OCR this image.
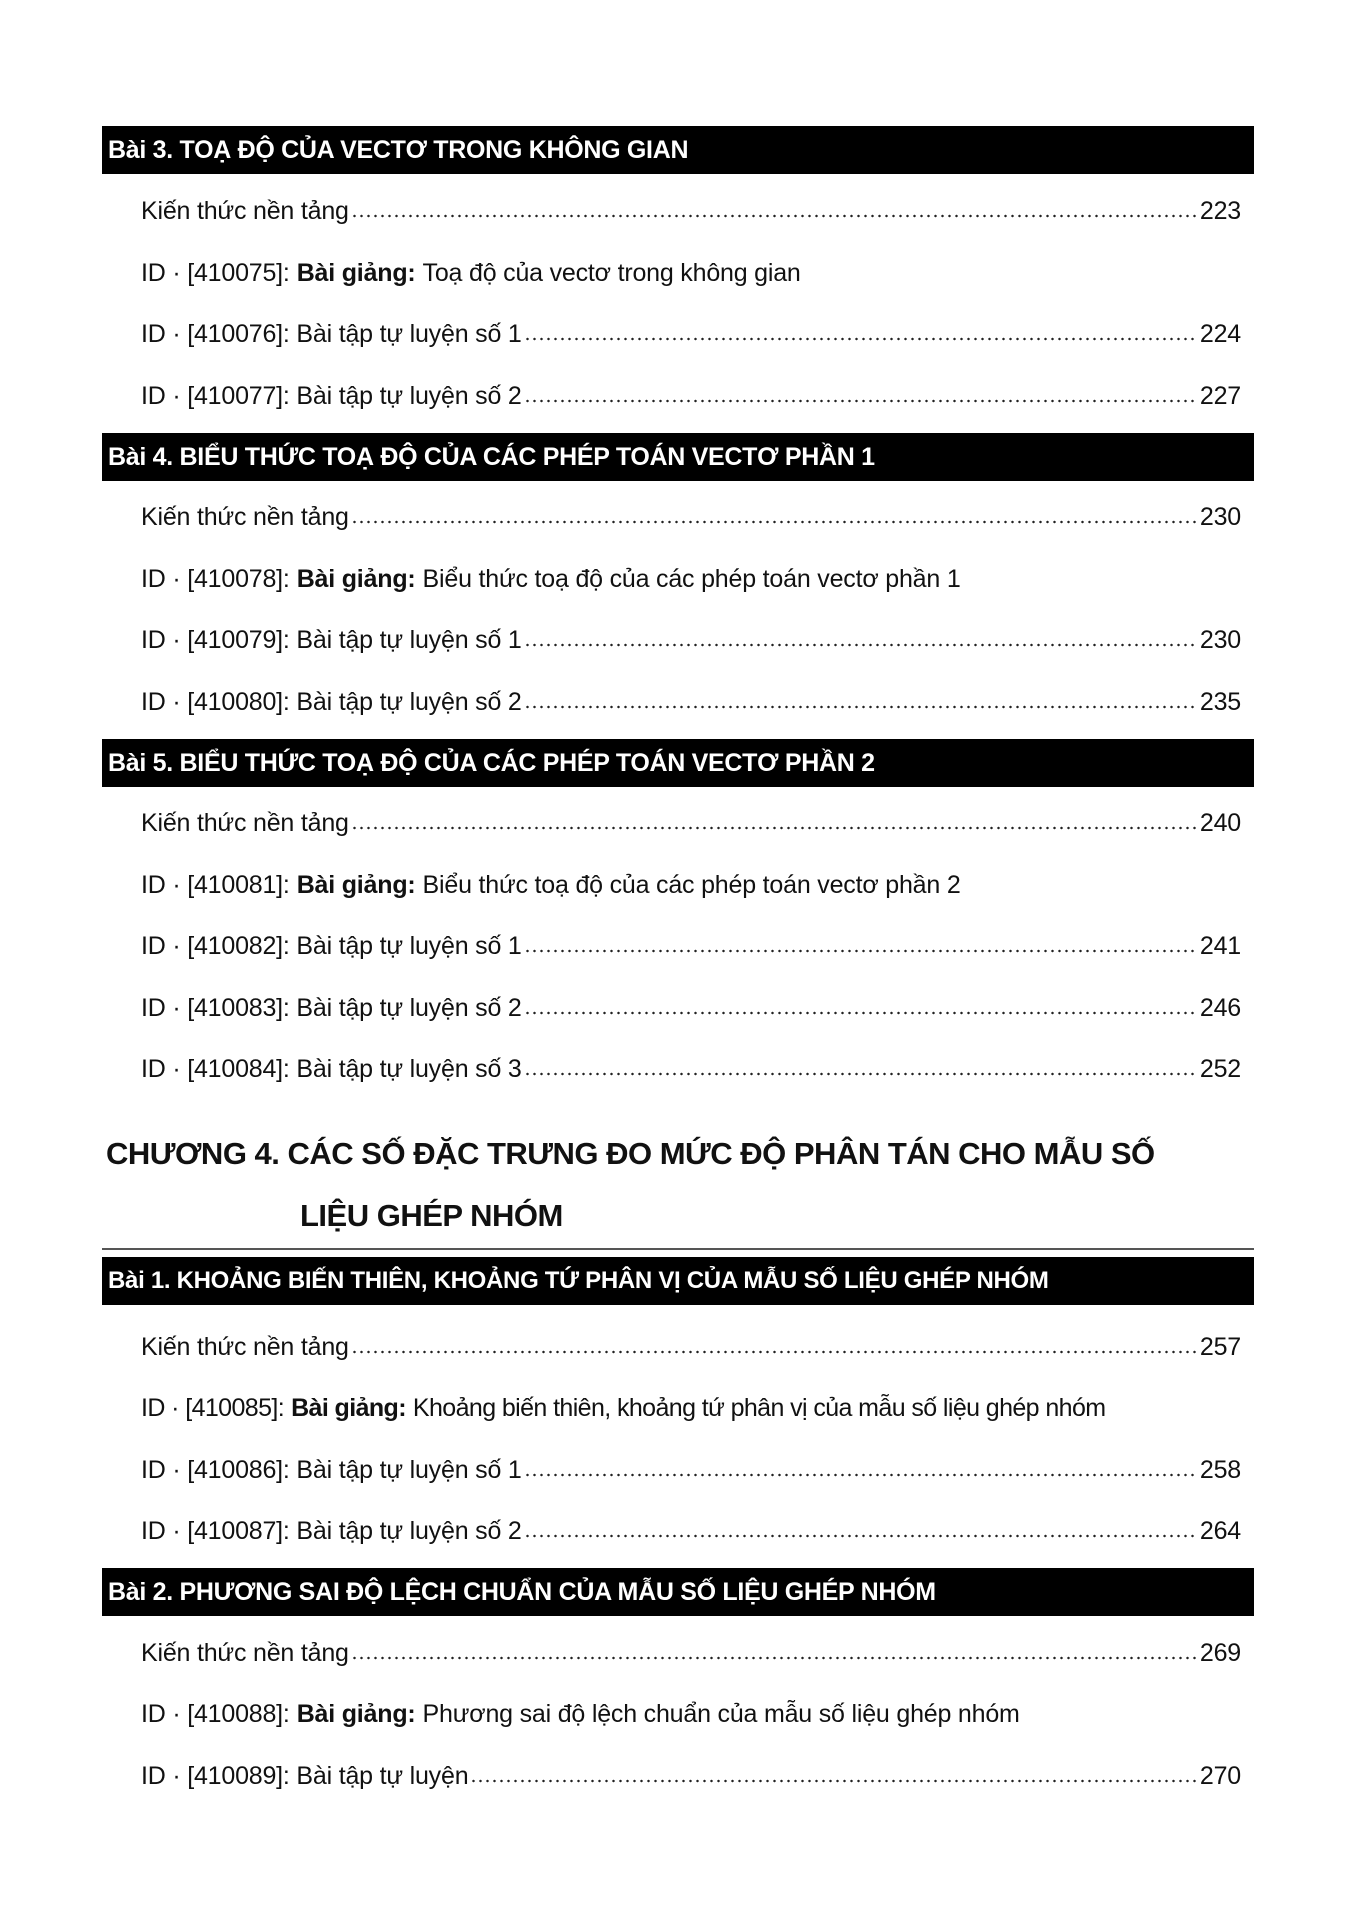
Bài 3. TOẠ ĐỘ CỦA VECTƠ TRONG KHÔNG GIAN
Kiến thức nền tảng	223
ID · [410075]: Bài giảng: Toạ độ của vectơ trong không gian
ID · [410076]: Bài tập tự luyện số 1	224
ID · [410077]: Bài tập tự luyện số 2	227
Bài 4. BIỂU THỨC TOẠ ĐỘ CỦA CÁC PHÉP TOÁN VECTƠ PHẦN 1
Kiến thức nền tảng	230
ID · [410078]: Bài giảng: Biểu thức toạ độ của các phép toán vectơ phần 1
ID · [410079]: Bài tập tự luyện số 1	230
ID · [410080]: Bài tập tự luyện số 2	235
Bài 5. BIỂU THỨC TOẠ ĐỘ CỦA CÁC PHÉP TOÁN VECTƠ PHẦN 2
Kiến thức nền tảng	240
ID · [410081]: Bài giảng: Biểu thức toạ độ của các phép toán vectơ phần 2
ID · [410082]: Bài tập tự luyện số 1	241
ID · [410083]: Bài tập tự luyện số 2	246
ID · [410084]: Bài tập tự luyện số 3	252
CHƯƠNG 4. CÁC SỐ ĐẶC TRƯNG ĐO MỨC ĐỘ PHÂN TÁN CHO MẪU SỐ
LIỆU GHÉP NHÓM
Bài 1. KHOẢNG BIẾN THIÊN, KHOẢNG TỨ PHÂN VỊ CỦA MẪU SỐ LIỆU GHÉP NHÓM
Kiến thức nền tảng	257
ID · [410085]: Bài giảng: Khoảng biến thiên, khoảng tứ phân vị của mẫu số liệu ghép nhóm
ID · [410086]: Bài tập tự luyện số 1	258
ID · [410087]: Bài tập tự luyện số 2	264
Bài 2. PHƯƠNG SAI ĐỘ LỆCH CHUẨN CỦA MẪU SỐ LIỆU GHÉP NHÓM
Kiến thức nền tảng	269
ID · [410088]: Bài giảng: Phương sai độ lệch chuẩn của mẫu số liệu ghép nhóm
ID · [410089]: Bài tập tự luyện	270
